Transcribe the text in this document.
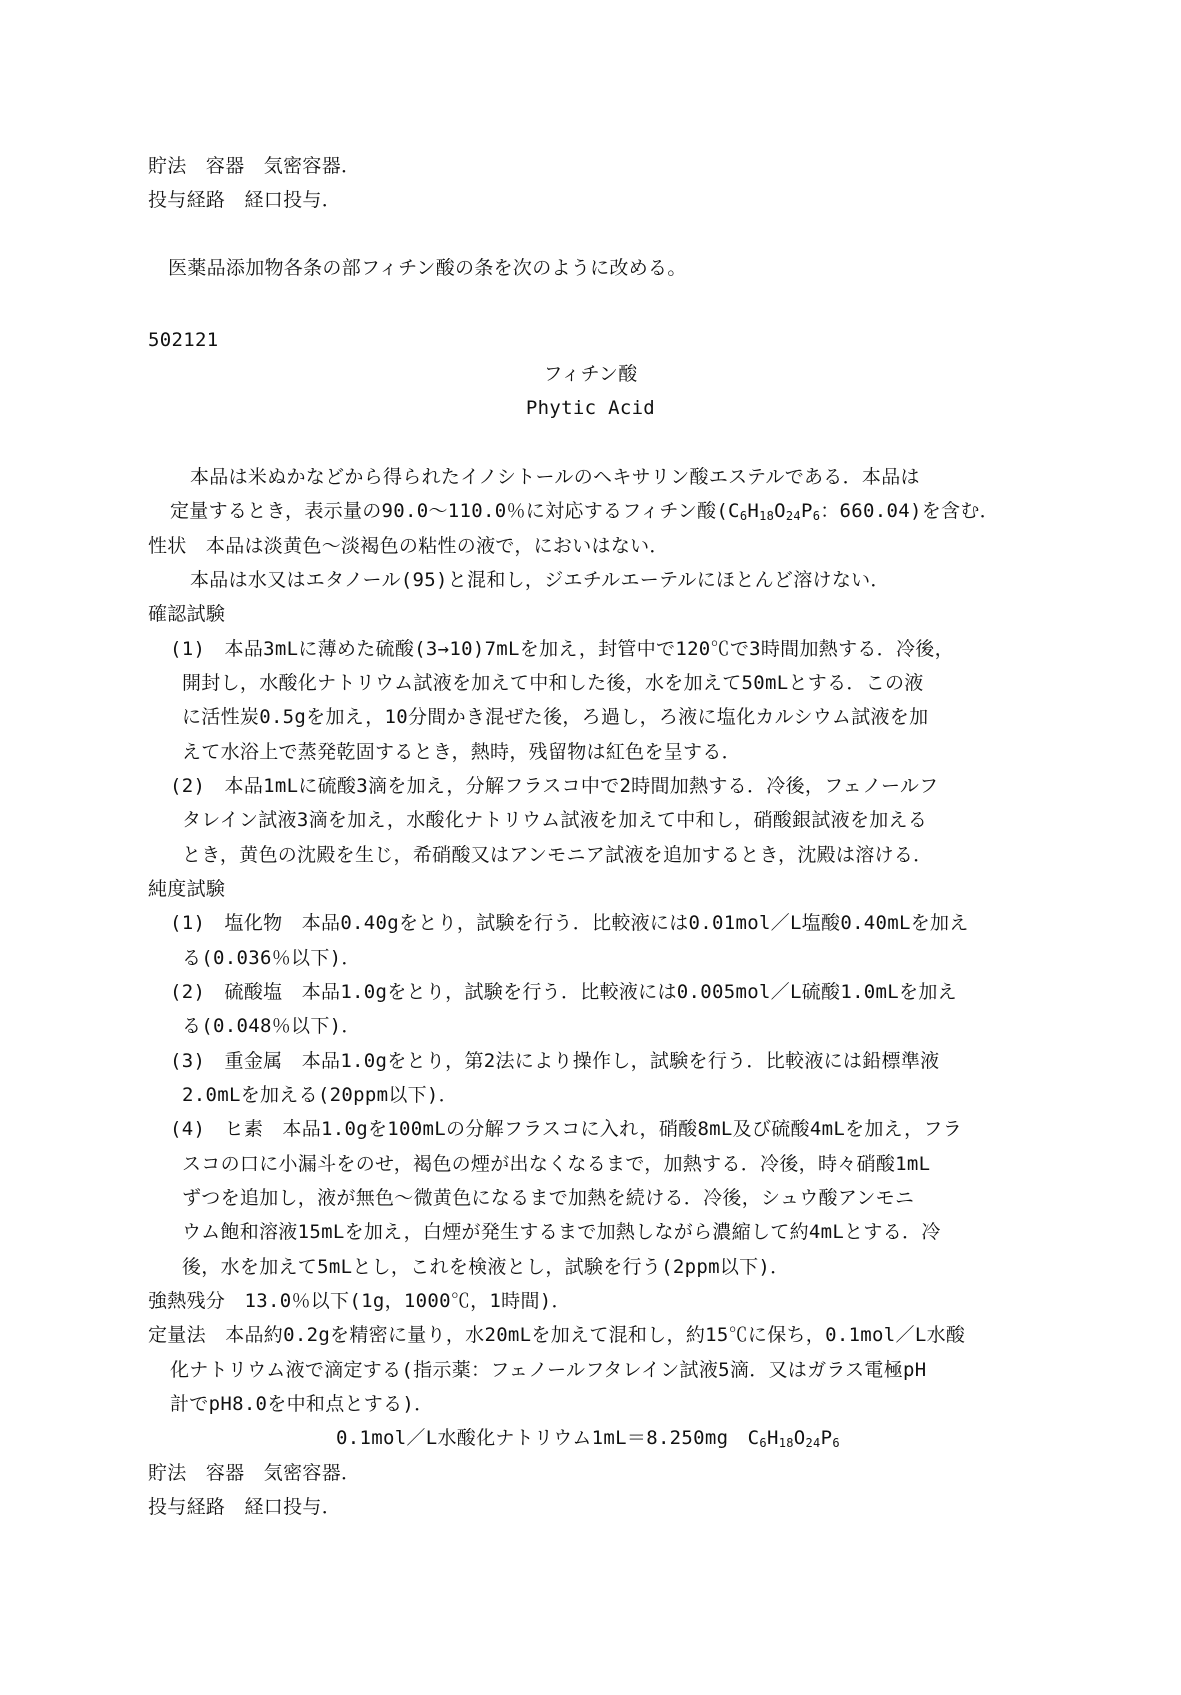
貯法　容器　気密容器．
投与経路　経口投与．
医薬品添加物各条の部フィチン酸の条を次のように改める。
502121
フィチン酸
Phytic Acid
本品は米ぬかなどから得られたイノシトールのヘキサリン酸エステルである．本品は
定量するとき，表示量の90.0～110.0％に対応するフィチン酸($C_6H_{18}O_{24}P_6$：660.04)を含む．
性状　本品は淡黄色～淡褐色の粘性の液で，においはない．
本品は水又はエタノール(95)と混和し，ジエチルエーテルにほとんど溶けない．
確認試験
(1)　本品3mLに薄めた硫酸(3→10)7mLを加え，封管中で120℃で3時間加熱する．冷後，
開封し，水酸化ナトリウム試液を加えて中和した後，水を加えて50mLとする．この液
に活性炭0.5gを加え，10分間かき混ぜた後，ろ過し，ろ液に塩化カルシウム試液を加
えて水浴上で蒸発乾固するとき，熱時，残留物は紅色を呈する．
(2)　本品1mLに硫酸3滴を加え，分解フラスコ中で2時間加熱する．冷後，フェノールフ
タレイン試液3滴を加え，水酸化ナトリウム試液を加えて中和し，硝酸銀試液を加える
とき，黄色の沈殿を生じ，希硝酸又はアンモニア試液を追加するとき，沈殿は溶ける．
純度試験
(1)　塩化物　本品0.40gをとり，試験を行う．比較液には0.01mol／L塩酸0.40mLを加え
る(0.036％以下)．
(2)　硫酸塩　本品1.0gをとり，試験を行う．比較液には0.005mol／L硫酸1.0mLを加え
る(0.048％以下)．
(3)　重金属　本品1.0gをとり，第2法により操作し，試験を行う．比較液には鉛標準液
2.0mLを加える(20ppm以下)．
(4)　ヒ素　本品1.0gを100mLの分解フラスコに入れ，硝酸8mL及び硫酸4mLを加え，フラ
スコの口に小漏斗をのせ，褐色の煙が出なくなるまで，加熱する．冷後，時々硝酸1mL
ずつを追加し，液が無色～微黄色になるまで加熱を続ける．冷後，シュウ酸アンモニ
ウム飽和溶液15mLを加え，白煙が発生するまで加熱しながら濃縮して約4mLとする．冷
後，水を加えて5mLとし，これを検液とし，試験を行う(2ppm以下)．
強熱残分　13.0％以下(1g，1000℃，1時間)．
定量法　本品約0.2gを精密に量り，水20mLを加えて混和し，約15℃に保ち，0.1mol／L水酸
化ナトリウム液で滴定する(指示薬：フェノールフタレイン試液5滴．又はガラス電極pH
計でpH8.0を中和点とする)．
0.1mol／L水酸化ナトリウム1mL＝8.250mg　$C_6H_{18}O_{24}P_6$
貯法　容器　気密容器．
投与経路　経口投与．
